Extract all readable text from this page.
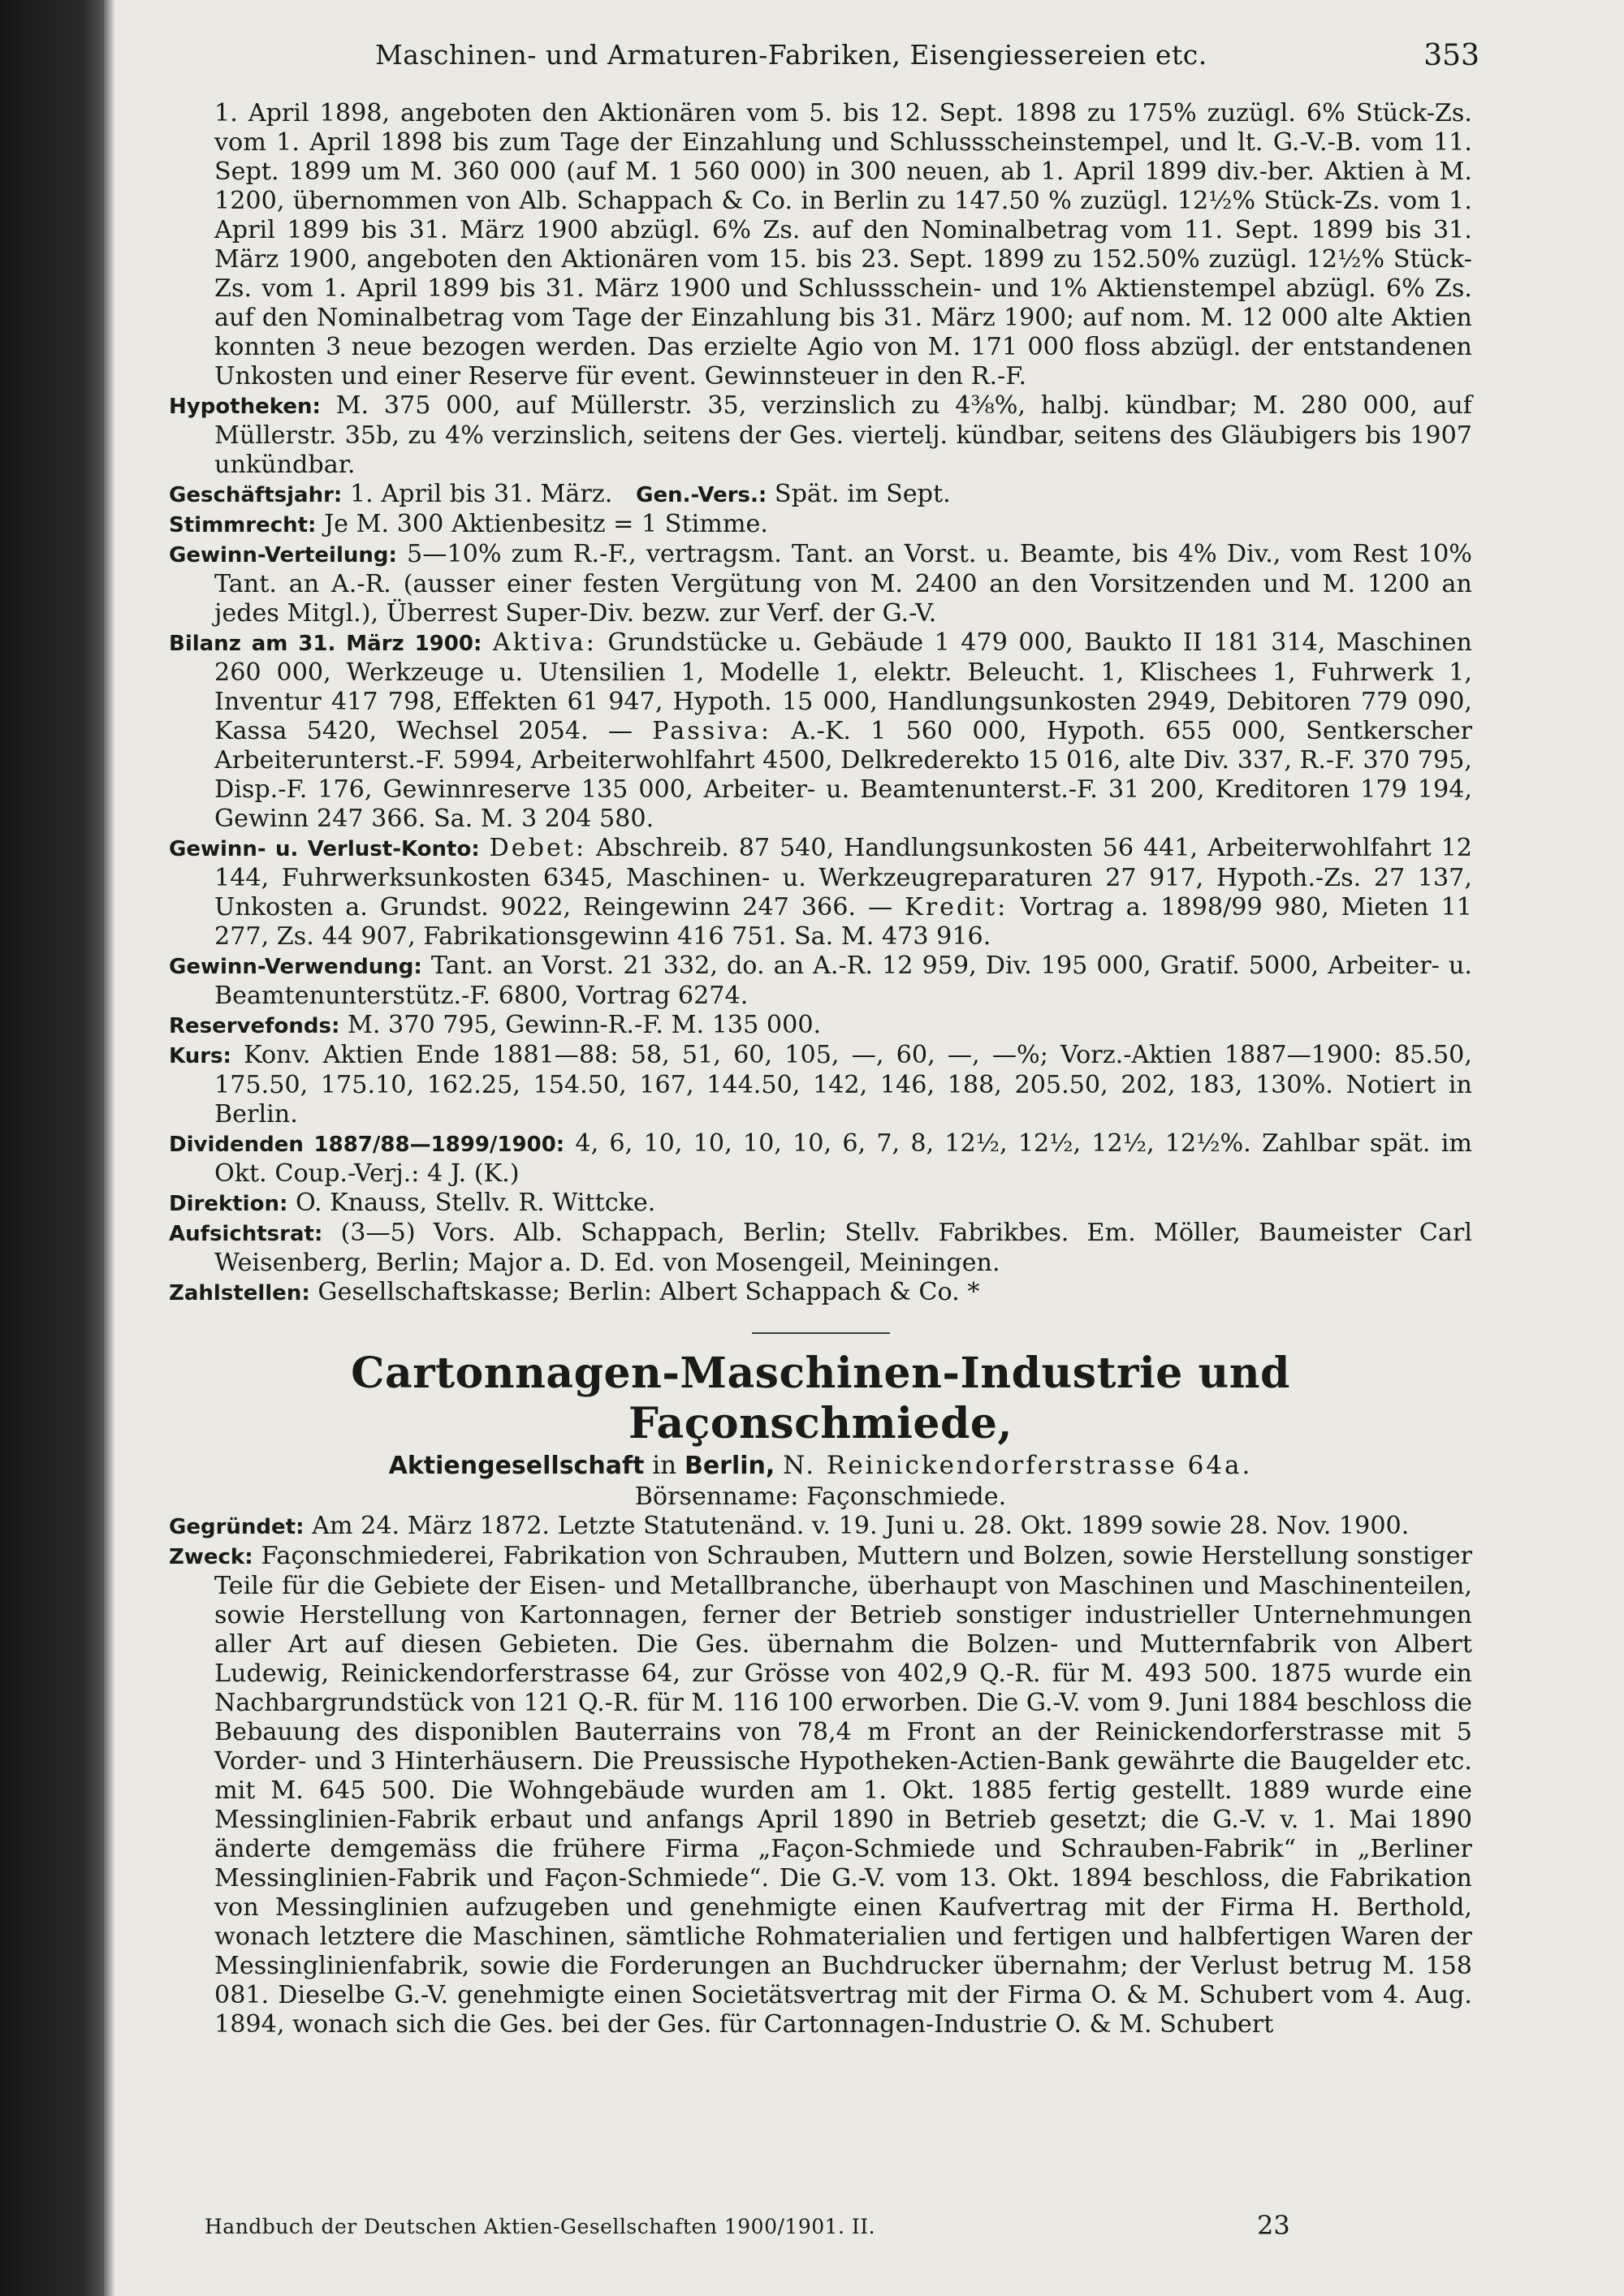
Maschinen- und Armaturen-Fabriken, Eisengiessereien etc.	353

1. April 1898, angeboten den Aktionären vom 5. bis 12. Sept. 1898 zu 175% zuzügl. 6% Stück-Zs. vom 1. April 1898 bis zum Tage der Einzahlung und Schlussscheinstempel, und lt. G.-V.-B. vom 11. Sept. 1899 um M. 360 000 (auf M. 1 560 000) in 300 neuen, ab 1. April 1899 div.-ber. Aktien à M. 1200, übernommen von Alb. Schappach & Co. in Berlin zu 147.50 % zuzügl. 12½% Stück-Zs. vom 1. April 1899 bis 31. März 1900 abzügl. 6% Zs. auf den Nominalbetrag vom 11. Sept. 1899 bis 31. März 1900, angeboten den Aktionären vom 15. bis 23. Sept. 1899 zu 152.50% zuzügl. 12½% Stück-Zs. vom 1. April 1899 bis 31. März 1900 und Schlussschein- und 1% Aktienstempel abzügl. 6% Zs. auf den Nominalbetrag vom Tage der Einzahlung bis 31. März 1900; auf nom. M. 12 000 alte Aktien konnten 3 neue bezogen werden. Das erzielte Agio von M. 171 000 floss abzügl. der entstandenen Unkosten und einer Reserve für event. Gewinnsteuer in den R.-F.

Hypotheken: M. 375 000, auf Müllerstr. 35, verzinslich zu 4⅜%, halbj. kündbar; M. 280 000, auf Müllerstr. 35b, zu 4% verzinslich, seitens der Ges. viertelj. kündbar, seitens des Gläubigers bis 1907 unkündbar.

Geschäftsjahr: 1. April bis 31. März. Gen.-Vers.: Spät. im Sept.

Stimmrecht: Je M. 300 Aktienbesitz = 1 Stimme.

Gewinn-Verteilung: 5—10% zum R.-F., vertragsm. Tant. an Vorst. u. Beamte, bis 4% Div., vom Rest 10% Tant. an A.-R. (ausser einer festen Vergütung von M. 2400 an den Vorsitzenden und M. 1200 an jedes Mitgl.), Überrest Super-Div. bezw. zur Verf. der G.-V.

Bilanz am 31. März 1900: Aktiva: Grundstücke u. Gebäude 1 479 000, Baukto II 181 314, Maschinen 260 000, Werkzeuge u. Utensilien 1, Modelle 1, elektr. Beleucht. 1, Klischees 1, Fuhrwerk 1, Inventur 417 798, Effekten 61 947, Hypoth. 15 000, Handlungsunkosten 2949, Debitoren 779 090, Kassa 5420, Wechsel 2054. — Passiva: A.-K. 1 560 000, Hypoth. 655 000, Sentkerscher Arbeiterunterst.-F. 5994, Arbeiterwohlfahrt 4500, Delkrederekto 15 016, alte Div. 337, R.-F. 370 795, Disp.-F. 176, Gewinnreserve 135 000, Arbeiter- u. Beamtenunterst.-F. 31 200, Kreditoren 179 194, Gewinn 247 366. Sa. M. 3 204 580.

Gewinn- u. Verlust-Konto: Debet: Abschreib. 87 540, Handlungsunkosten 56 441, Arbeiterwohlfahrt 12 144, Fuhrwerksunkosten 6345, Maschinen- u. Werkzeugreparaturen 27 917, Hypoth.-Zs. 27 137, Unkosten a. Grundst. 9022, Reingewinn 247 366. — Kredit: Vortrag a. 1898/99 980, Mieten 11 277, Zs. 44 907, Fabrikationsgewinn 416 751. Sa. M. 473 916.

Gewinn-Verwendung: Tant. an Vorst. 21 332, do. an A.-R. 12 959, Div. 195 000, Gratif. 5000, Arbeiter- u. Beamtenunterstütz.-F. 6800, Vortrag 6274.

Reservefonds: M. 370 795, Gewinn-R.-F. M. 135 000.

Kurs: Konv. Aktien Ende 1881—88: 58, 51, 60, 105, —, 60, —, —%; Vorz.-Aktien 1887—1900: 85.50, 175.50, 175.10, 162.25, 154.50, 167, 144.50, 142, 146, 188, 205.50, 202, 183, 130%. Notiert in Berlin.

Dividenden 1887/88—1899/1900: 4, 6, 10, 10, 10, 10, 6, 7, 8, 12½, 12½, 12½, 12½%. Zahlbar spät. im Okt. Coup.-Verj.: 4 J. (K.)

Direktion: O. Knauss, Stellv. R. Wittcke.

Aufsichtsrat: (3—5) Vors. Alb. Schappach, Berlin; Stellv. Fabrikbes. Em. Möller, Baumeister Carl Weisenberg, Berlin; Major a. D. Ed. von Mosengeil, Meiningen.

Zahlstellen: Gesellschaftskasse; Berlin: Albert Schappach & Co. *

Cartonnagen-Maschinen-Industrie und Façonschmiede,

Aktiengesellschaft in Berlin, N. Reinickendorferstrasse 64a.

Börsenname: Façonschmiede.

Gegründet: Am 24. März 1872. Letzte Statutenänd. v. 19. Juni u. 28. Okt. 1899 sowie 28. Nov. 1900.

Zweck: Façonschmiederei, Fabrikation von Schrauben, Muttern und Bolzen, sowie Herstellung sonstiger Teile für die Gebiete der Eisen- und Metallbranche, überhaupt von Maschinen und Maschinenteilen, sowie Herstellung von Kartonnagen, ferner der Betrieb sonstiger industrieller Unternehmungen aller Art auf diesen Gebieten. Die Ges. übernahm die Bolzen- und Mutternfabrik von Albert Ludewig, Reinickendorferstrasse 64, zur Grösse von 402,9 Q.-R. für M. 493 500. 1875 wurde ein Nachbargrundstück von 121 Q.-R. für M. 116 100 erworben. Die G.-V. vom 9. Juni 1884 beschloss die Bebauung des disponiblen Bauterrains von 78,4 m Front an der Reinickendorferstrasse mit 5 Vorder- und 3 Hinterhäusern. Die Preussische Hypotheken-Actien-Bank gewährte die Baugelder etc. mit M. 645 500. Die Wohngebäude wurden am 1. Okt. 1885 fertig gestellt. 1889 wurde eine Messinglinien-Fabrik erbaut und anfangs April 1890 in Betrieb gesetzt; die G.-V. v. 1. Mai 1890 änderte demgemäss die frühere Firma „Façon-Schmiede und Schrauben-Fabrik“ in „Berliner Messinglinien-Fabrik und Façon-Schmiede“. Die G.-V. vom 13. Okt. 1894 beschloss, die Fabrikation von Messinglinien aufzugeben und genehmigte einen Kaufvertrag mit der Firma H. Berthold, wonach letztere die Maschinen, sämtliche Rohmaterialien und fertigen und halbfertigen Waren der Messinglinienfabrik, sowie die Forderungen an Buchdrucker übernahm; der Verlust betrug M. 158 081. Dieselbe G.-V. genehmigte einen Societätsvertrag mit der Firma O. & M. Schubert vom 4. Aug. 1894, wonach sich die Ges. bei der Ges. für Cartonnagen-Industrie O. & M. Schubert

Handbuch der Deutschen Aktien-Gesellschaften 1900/1901. II.	23
